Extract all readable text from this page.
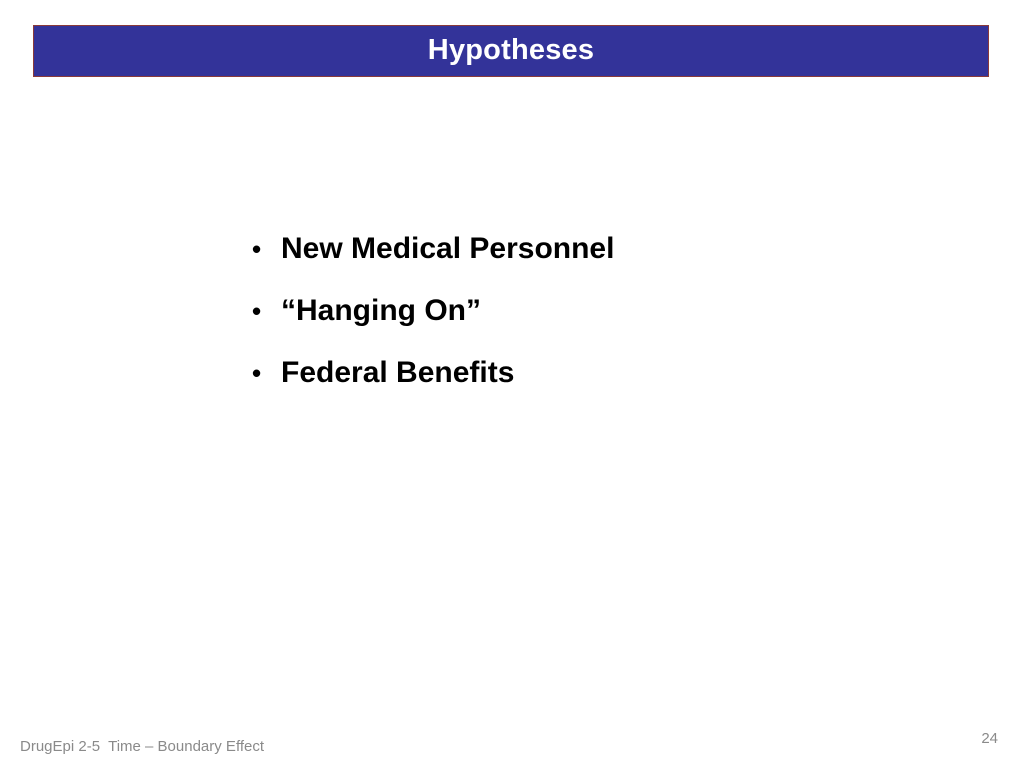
Hypotheses
• New Medical Personnel
• “Hanging On”
• Federal Benefits
DrugEpi 2-5  Time – Boundary Effect	24
